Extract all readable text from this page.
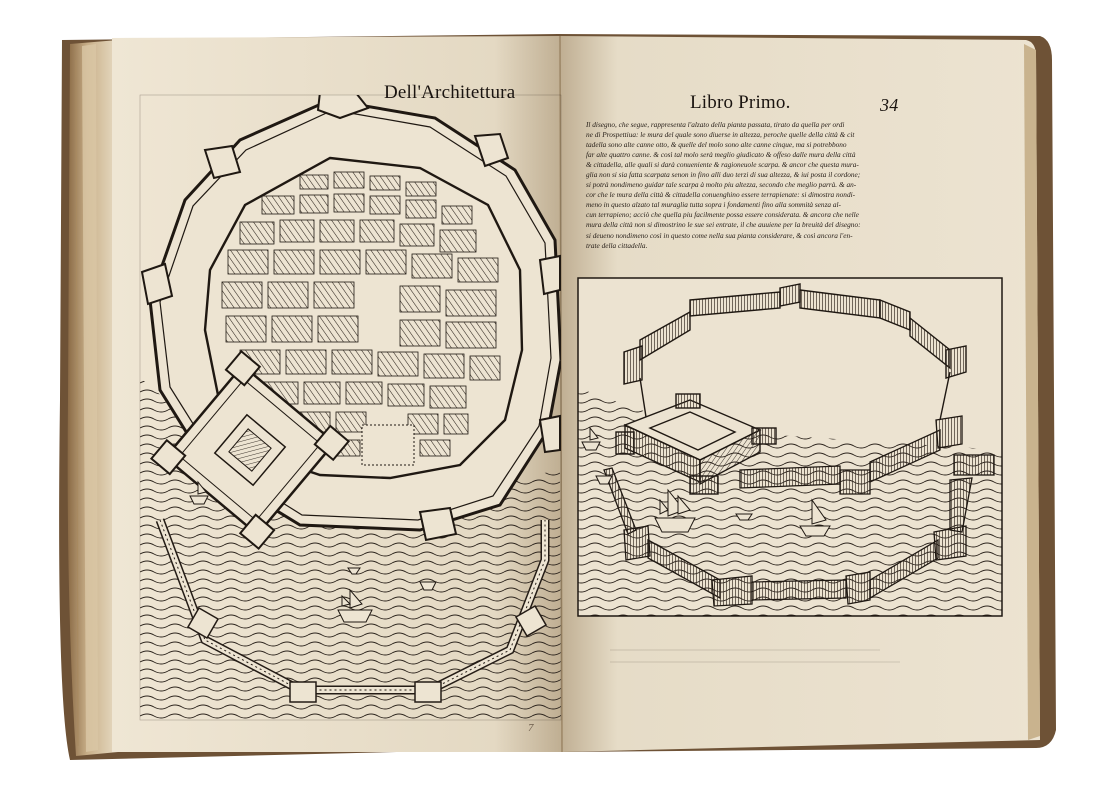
Dell'Architettura	Libro Primo.	34
Il disegno, che segue, rappresenta l'alzato della pianta passata, tirato da quella per ordi
ne di Prospettiua: le mura del quale sono diuerse in altezza, peroche quelle della città & cit
tadella sono alte canne otto, & quelle del molo sono alte canne cinque, ma si potrebbono
far alte quattro canne. & così tal molo serà meglio giudicato & offeso dalle mura della città
& cittadella, alle quali si darà conueniente & ragioneuole scarpa. & ancor che questa mura-
glia non si sia fatta scarpata senon in fino alli duo terzi di sua altezza, & iui posta il cordone;
si potrà nondimeno guidar tale scarpa à molto piu altezza, secondo che meglio parrà. & an-
cor che le mura della città & cittadella conuenghino essere terrapienate: si dimostra nondi-
meno in questo alzato tal muraglia tutta sopra i fondamenti fino alla sommità senza al-
cun terrapieno; acciò che quella piu facilmente possa essere considerata. & ancora che nelle
mura della città non si dimostrino le sue sei entrate, il che auuiene per la breuità del disegno:
si deueno nondimeno così in questo come nella sua pianta considerare, & così ancora l'en-
trate della cittadella.
7
